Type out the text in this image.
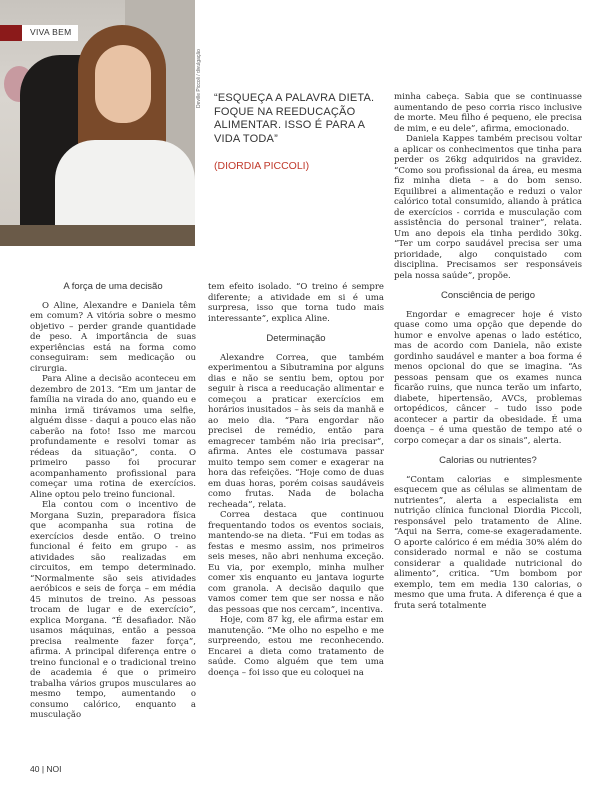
VIVA BEM
Deville Piccoli / divulgação	“ESQUEÇA A PALAVRA DIETA. FOQUE NA REEDUCAÇÃO ALIMENTAR. ISSO É PARA A VIDA TODA”

(DIORDIA PICCOLI)
A força de uma decisão

O Aline, Alexandre e Daniela têm em comum? A vitória sobre o mesmo objetivo – perder grande quantidade de peso. A importância de suas experiências está na forma como conseguiram: sem medicação ou cirurgia.

Para Aline a decisão aconteceu em dezembro de 2013. “Em um jantar de família na virada do ano, quando eu e minha irmã tirávamos uma selfie, alguém disse - daqui a pouco elas não caberão na foto! Isso me marcou profundamente e resolvi tomar as rédeas da situação”, conta. O primeiro passo foi procurar acompanhamento profissional para começar uma rotina de exercícios. Aline optou pelo treino funcional.

Ela contou com o incentivo de Morgana Suzin, preparadora física que acompanha sua rotina de exercícios desde então. O treino funcional é feito em grupo - as atividades são realizadas em circuitos, em tempo determinado. “Normalmente são seis atividades aeróbicos e seis de força – em média 45 minutos de treino. As pessoas trocam de lugar e de exercício”, explica Morgana. “É desafiador. Não usamos máquinas, então a pessoa precisa realmente fazer força”, afirma. A principal diferença entre o treino funcional e o tradicional treino de academia é que o primeiro trabalha vários grupos musculares ao mesmo tempo, aumentando o consumo calórico, enquanto a musculação

tem efeito isolado. “O treino é sempre diferente; a atividade em si é uma surpresa, isso que torna tudo mais interessante”, explica Aline.

Determinação

Alexandre Correa, que também experimentou a Sibutramina por alguns dias e não se sentiu bem, optou por seguir à risca a reeducação alimentar e começou a praticar exercícios em horários inusitados – às seis da manhã e ao meio dia. “Para engordar não precisei de remédio, então para emagrecer também não iria precisar”, afirma. Antes ele costumava passar muito tempo sem comer e exagerar na hora das refeições. “Hoje como de duas em duas horas, porém coisas saudáveis como frutas. Nada de bolacha recheada”, relata.

Correa destaca que continuou frequentando todos os eventos sociais, mantendo-se na dieta. “Fui em todas as festas e mesmo assim, nos primeiros seis meses, não abri nenhuma exceção. Eu via, por exemplo, minha mulher comer xis enquanto eu jantava iogurte com granola. A decisão daquilo que vamos comer tem que ser nossa e não das pessoas que nos cercam”, incentiva.

Hoje, com 87 kg, ele afirma estar em manutenção. “Me olho no espelho e me surpreendo, estou me reconhecendo. Encarei a dieta como tratamento de saúde. Como alguém que tem uma doença – foi isso que eu coloquei na

minha cabeça. Sabia que se continuasse aumentando de peso corria risco inclusive de morte. Meu filho é pequeno, ele precisa de mim, e eu dele”, afirma, emocionado.

Daniela Kappes também precisou voltar a aplicar os conhecimentos que tinha para perder os 26kg adquiridos na gravidez. “Como sou profissional da área, eu mesma fiz minha dieta – a do bom senso. Equilibrei a alimentação e reduzi o valor calórico total consumido, aliando à prática de exercícios - corrida e musculação com assistência do personal trainer”, relata. Um ano depois ela tinha perdido 30kg. “Ter um corpo saudável precisa ser uma prioridade, algo conquistado com disciplina. Precisamos ser responsáveis pela nossa saúde”, propõe.

Consciência de perigo

Engordar e emagrecer hoje é visto quase como uma opção que depende do humor e envolve apenas o lado estético, mas de acordo com Daniela, não existe gordinho saudável e manter a boa forma é menos opcional do que se imagina. “As pessoas pensam que os exames nunca ficarão ruins, que nunca terão um infarto, diabete, hipertensão, AVCs, problemas ortopédicos, câncer – tudo isso pode acontecer a partir da obesidade. É uma doença – é uma questão de tempo até o corpo começar a dar os sinais”, alerta.

Calorias ou nutrientes?

“Contam calorias e simplesmente esquecem que as células se alimentam de nutrientes”, alerta a especialista em nutrição clínica funcional Diordia Piccoli, responsável pelo tratamento de Aline. “Aqui na Serra, come-se exageradamente. O aporte calórico é em média 30% além do considerado normal e não se costuma considerar a qualidade nutricional do alimento”, critica. “Um bombom por exemplo, tem em media 130 calorias, o mesmo que uma fruta. A diferença é que a fruta será totalmente

40 | NOI
